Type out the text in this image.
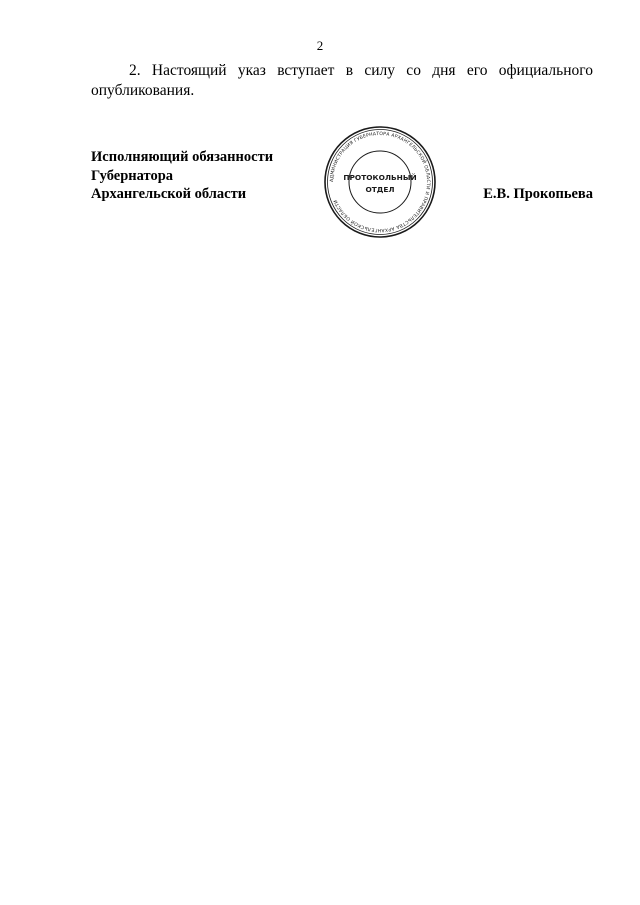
2

2. Настоящий указ вступает в силу со дня его официального опубликования.

Исполняющий обязанности
Губернатора
Архангельской области
АДМИНИСТРАЦИЯ ГУБЕРНАТОРА АРХАНГЕЛЬСКОЙ ОБЛАСТИ И ПРАВИТЕЛЬСТВА АРХАНГЕЛЬСКОЙ ОБЛАСТИ
ПРОТОКОЛЬНЫЙ
ОТДЕЛ	Е.В. Прокопьева
